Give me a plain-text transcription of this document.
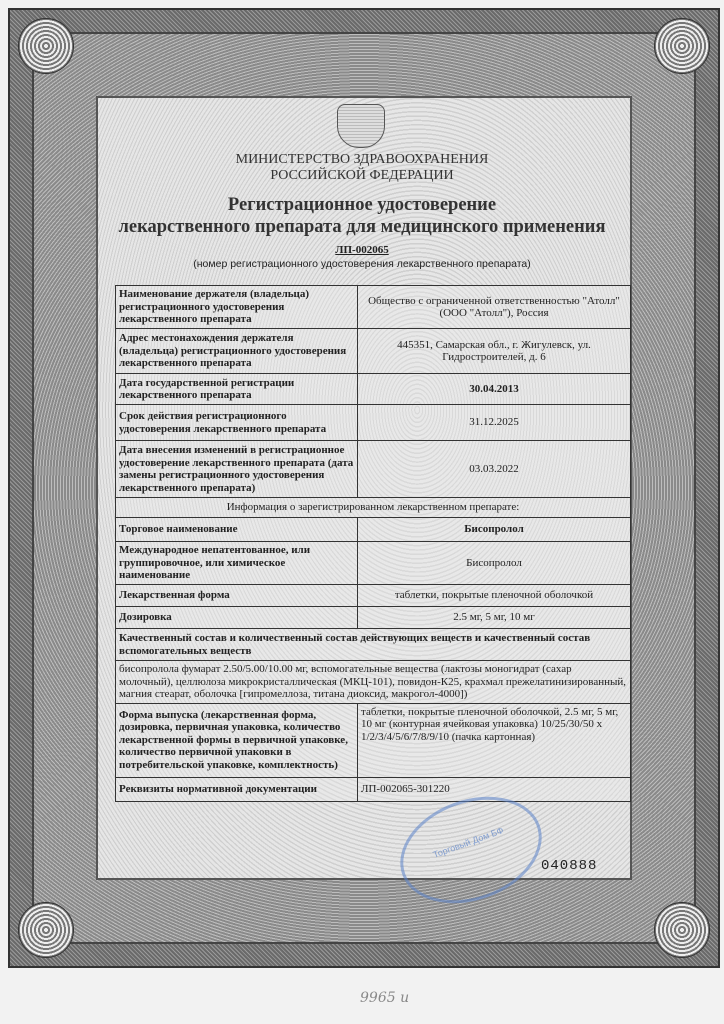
МИНИСТЕРСТВО ЗДРАВООХРАНЕНИЯ
РОССИЙСКОЙ ФЕДЕРАЦИИ
Регистрационное удостоверение
лекарственного препарата для медицинского применения
ЛП-002065
(номер регистрационного удостоверения лекарственного препарата)
Наименование держателя (владельца) регистрационного удостоверения лекарственного препарата	Общество с ограниченной ответственностью "Атолл" (ООО "Атолл"), Россия
Адрес местонахождения держателя (владельца) регистрационного удостоверения лекарственного препарата	445351, Самарская обл., г. Жигулевск, ул. Гидростроителей, д. 6
Дата государственной регистрации лекарственного препарата	30.04.2013
Срок действия регистрационного удостоверения лекарственного препарата	31.12.2025
Дата внесения изменений в регистрационное удостоверение лекарственного препарата (дата замены регистрационного удостоверения лекарственного препарата)	03.03.2022
Информация о зарегистрированном лекарственном препарате:	
Торговое наименование	Бисопролол
Международное непатентованное, или группировочное, или химическое наименование	Бисопролол
Лекарственная форма	таблетки, покрытые пленочной оболочкой
Дозировка	2.5 мг, 5 мг, 10 мг
Качественный состав и количественный состав действующих веществ и качественный состав вспомогательных веществ	
бисопролола фумарат 2.50/5.00/10.00 мг, вспомогательные вещества (лактозы моногидрат (сахар молочный), целлюлоза микрокристаллическая (МКЦ-101), повидон-К25, крахмал прежелатинизированный, магния стеарат, оболочка [гипромеллоза, титана диоксид, макрогол-4000])	
Форма выпуска (лекарственная форма, дозировка, первичная упаковка, количество лекарственной формы в первичной упаковке, количество первичной упаковки в потребительской упаковке, комплектность)	таблетки, покрытые пленочной оболочкой, 2.5 мг, 5 мг, 10 мг (контурная ячейковая упаковка) 10/25/30/50 х 1/2/3/4/5/6/7/8/9/10 (пачка картонная)
Реквизиты нормативной документации	ЛП-002065-301220
Торговый Дом БФ
040888
9965 и
